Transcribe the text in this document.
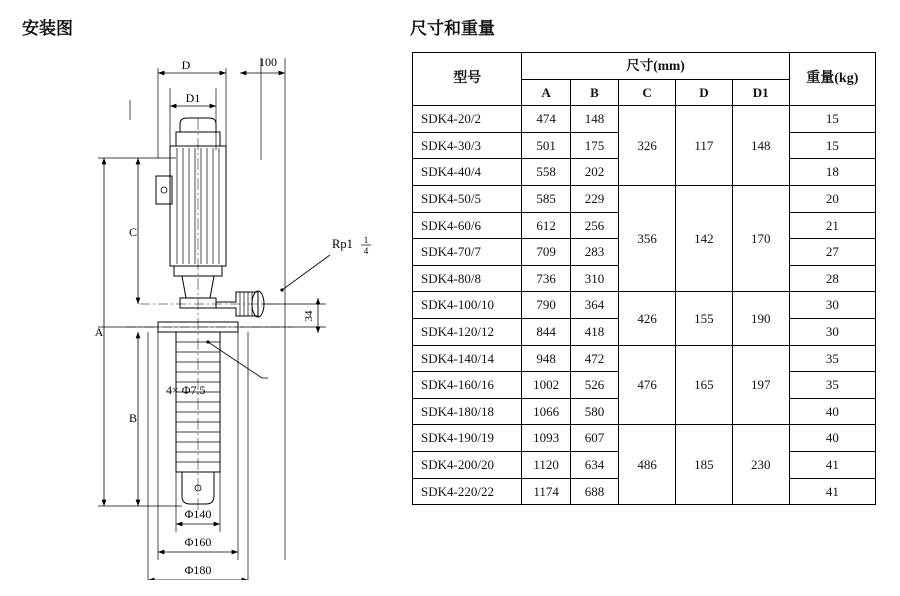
安装图	尺寸和重量
D	100
D1
A
B
C
Rp1 1
4
34
4× Φ7.5
Φ140
Φ160
Φ180
型号	尺寸(mm)					重量(kg)
	A	B	C	D	D1	
SDK4-20/2	474	148	326	117	148	15
SDK4-30/3	501	175				15
SDK4-40/4	558	202				18
SDK4-50/5	585	229	356	142	170	20
SDK4-60/6	612	256				21
SDK4-70/7	709	283				27
SDK4-80/8	736	310				28
SDK4-100/10	790	364	426	155	190	30
SDK4-120/12	844	418				30
SDK4-140/14	948	472	476	165	197	35
SDK4-160/16	1002	526				35
SDK4-180/18	1066	580				40
SDK4-190/19	1093	607	486	185	230	40
SDK4-200/20	1120	634				41
SDK4-220/22	1174	688				41
